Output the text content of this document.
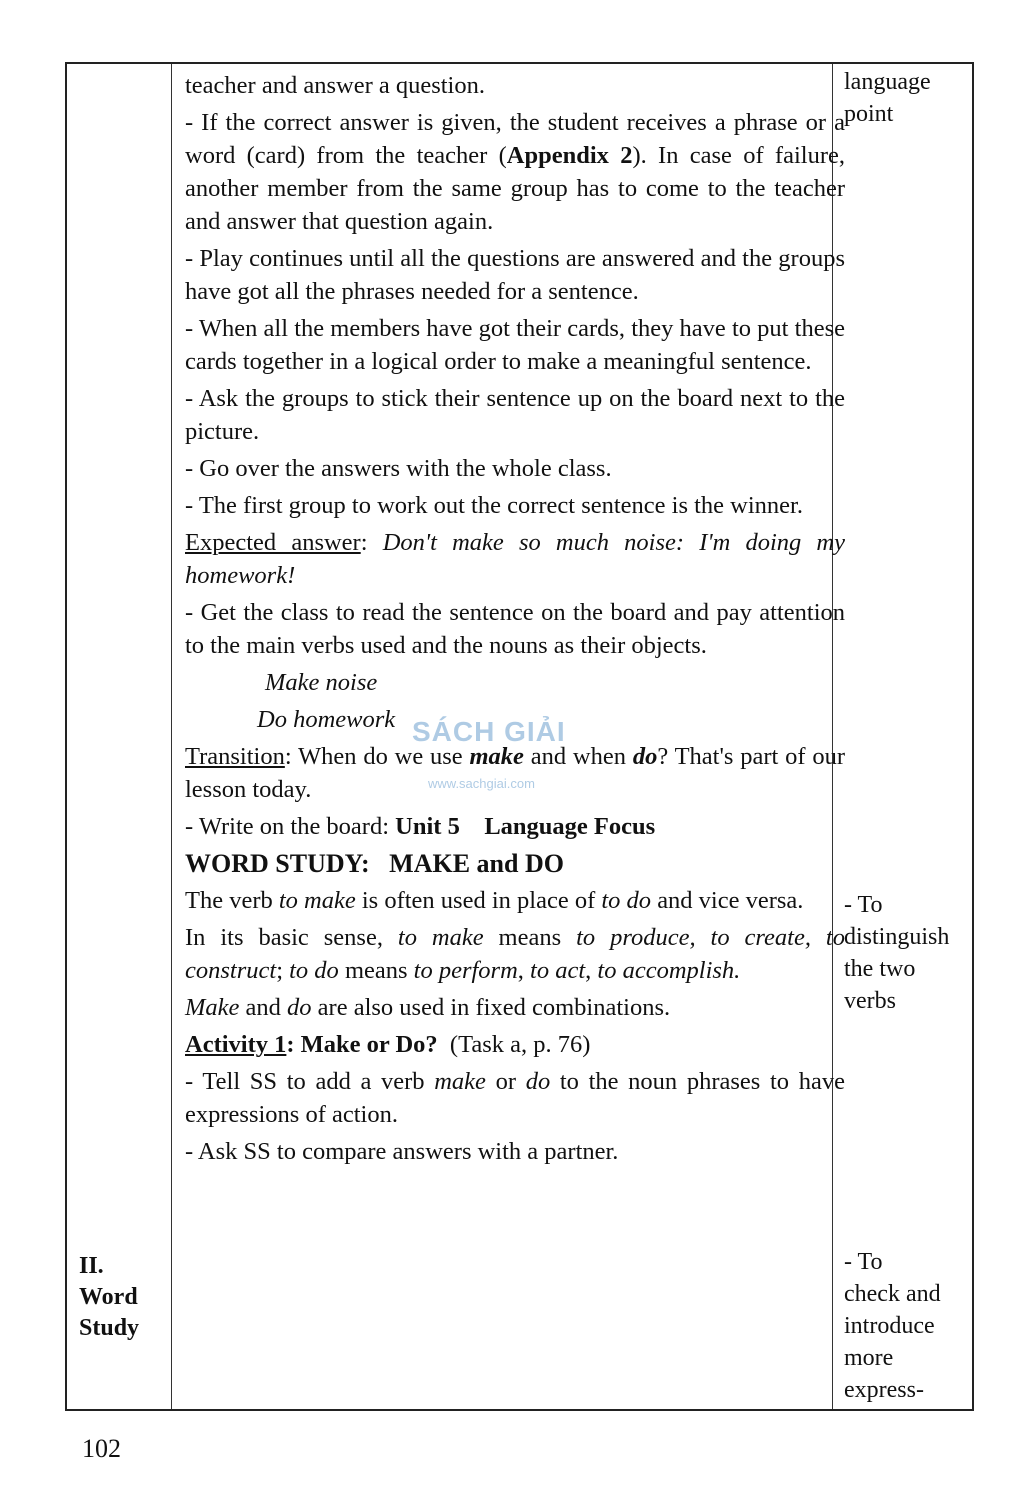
II.
Word
Study

teacher and answer a question.

- If the correct answer is given, the student receives a phrase or a word (card) from the teacher (Appendix 2). In case of failure, another member from the same group has to come to the teacher and answer that question again.

- Play continues until all the questions are answered and the groups have got all the phrases needed for a sentence.

- When all the members have got their cards, they have to put these cards together in a logical order to make a meaningful sentence.

- Ask the groups to stick their sentence up on the board next to the picture.

- Go over the answers with the whole class.

- The first group to work out the correct sentence is the winner.

Expected answer: Don't make so much noise: I'm doing my homework!

- Get the class to read the sentence on the board and pay attention to the main verbs used and the nouns as their objects.

Make noise

Do homework

Transition: When do we use make and when do? That's part of our lesson today.

- Write on the board: Unit 5    Language Focus

WORD STUDY:   MAKE and DO

The verb to make is often used in place of to do and vice versa.

In its basic sense, to make means to produce, to create, to construct; to do means to perform, to act, to accomplish.

Make and do are also used in fixed combinations.

Activity 1: Make or Do?  (Task a, p. 76)

- Tell SS to add a verb make or do to the noun phrases to have expressions of action.

- Ask SS to compare answers with a partner.

language
point
- To
distinguish
the two
verbs
- To
check and
introduce
more
express-
SÁCH GIẢI
www.sachgiai.com
102
